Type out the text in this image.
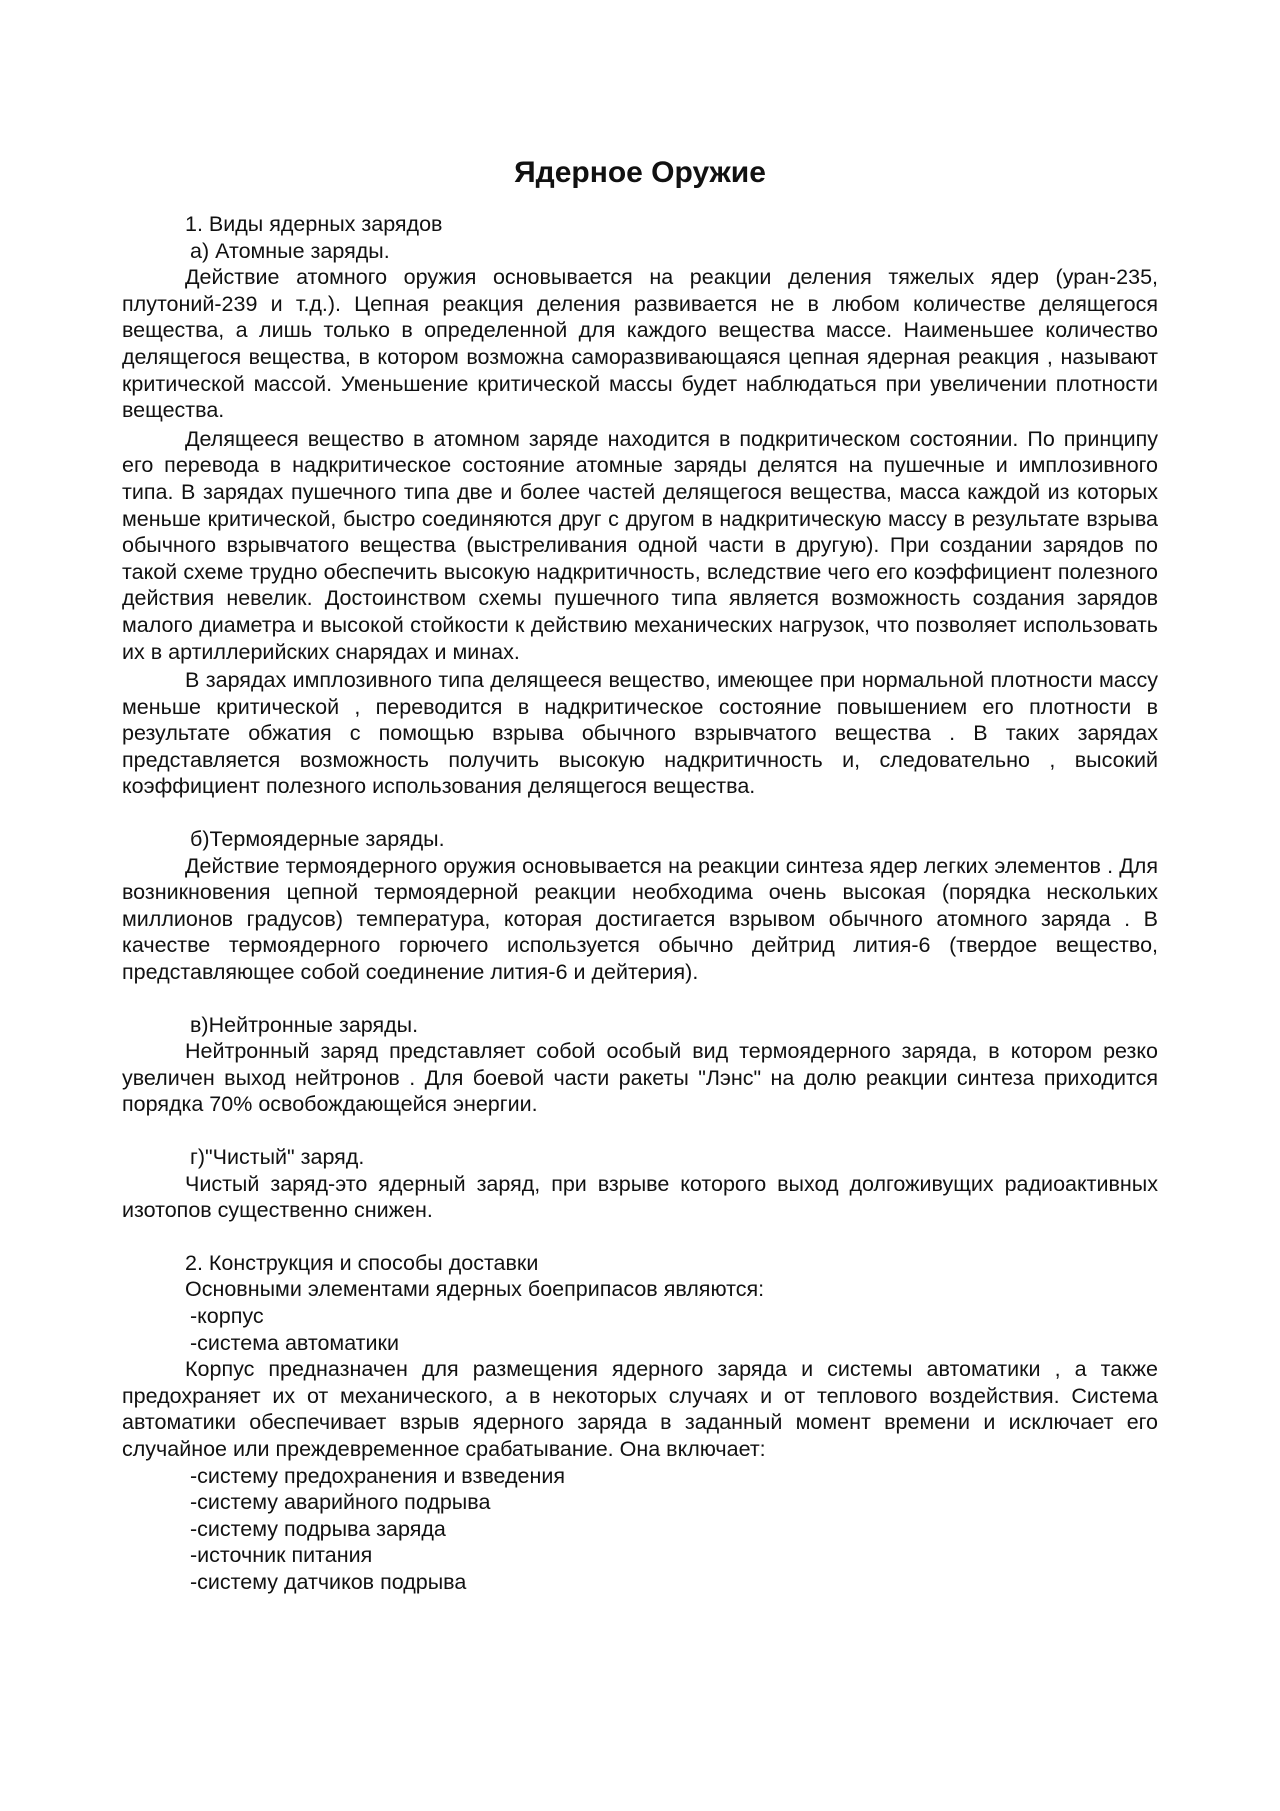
Ядерное Оружие

1. Виды ядерных зарядов

а) Атомные заряды.

Действие атомного оружия основывается на реакции деления тяжелых ядер (уран-235, плутоний-239 и т.д.). Цепная реакция деления развивается не в любом количестве делящегося вещества, а лишь только в определенной для каждого вещества массе. Наименьшее количество делящегося вещества, в котором возможна саморазвивающаяся цепная ядерная реакция , называют критической массой. Уменьшение критической массы будет наблюдаться при увеличении плотности вещества.

Делящееся вещество в атомном заряде находится в подкритическом состоянии. По принципу его перевода в надкритическое состояние атомные заряды делятся на пушечные и имплозивного типа. В зарядах пушечного типа две и более частей делящегося вещества, масса каждой из которых меньше критической, быстро соединяются друг с другом в надкритическую массу в результате взрыва обычного взрывчатого вещества (выстреливания одной части в другую). При создании зарядов по такой схеме трудно обеспечить высокую надкритичность, вследствие чего его коэффициент полезного действия невелик. Достоинством схемы пушечного типа является возможность создания зарядов малого диаметра и высокой стойкости к действию механических нагрузок, что позволяет использовать их в артиллерийских снарядах и минах.

В зарядах имплозивного типа делящееся вещество, имеющее при нормальной плотности массу меньше критической , переводится в надкритическое состояние повышением его плотности в результате обжатия с помощью взрыва обычного взрывчатого вещества . В таких зарядах представляется возможность получить высокую надкритичность и, следовательно , высокий коэффициент полезного использования делящегося вещества.

б)Термоядерные заряды.

Действие термоядерного оружия основывается на реакции синтеза ядер легких элементов . Для возникновения цепной термоядерной реакции необходима очень высокая (порядка нескольких миллионов градусов) температура, которая достигается взрывом обычного атомного заряда . В качестве термоядерного горючего используется обычно дейтрид лития-6 (твердое вещество, представляющее собой соединение лития-6 и дейтерия).

в)Нейтронные заряды.

Нейтронный заряд представляет собой особый вид термоядерного заряда, в котором резко увеличен выход нейтронов . Для боевой части ракеты "Лэнс" на долю реакции синтеза приходится порядка 70% освобождающейся энергии.

г)"Чистый" заряд.

Чистый заряд-это ядерный заряд, при взрыве которого выход долгоживущих радиоактивных изотопов существенно снижен.

2. Конструкция и способы доставки

Основными элементами ядерных боеприпасов являются:

-корпус

-система автоматики

Корпус предназначен для размещения ядерного заряда и системы автоматики , а также предохраняет их от механического, а в некоторых случаях и от теплового воздействия. Система автоматики обеспечивает взрыв ядерного заряда в заданный момент времени и исключает его случайное или преждевременное срабатывание. Она включает:

-систему предохранения и взведения

-систему аварийного подрыва

-систему подрыва заряда

-источник питания

-систему датчиков подрыва
